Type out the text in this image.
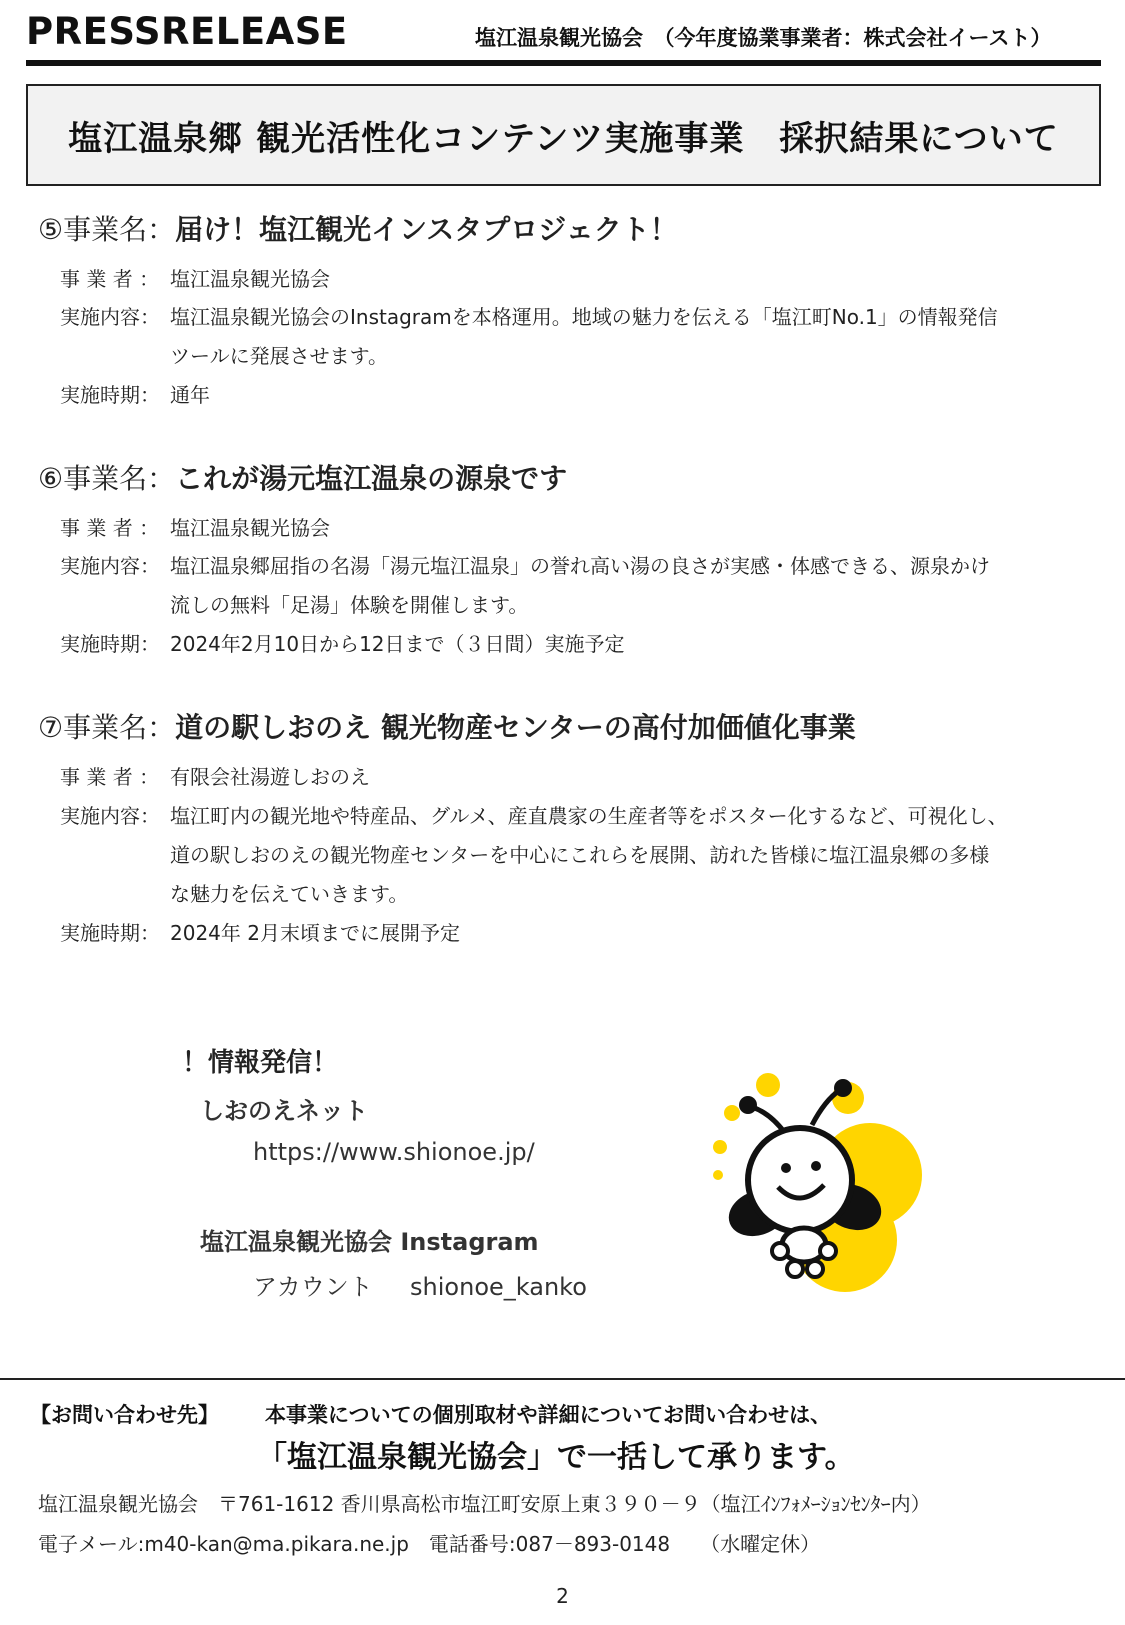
PRESSRELEASE	塩江温泉観光協会　（今年度協業事業者：株式会社イースト）
塩江温泉郷 観光活性化コンテンツ実施事業　採択結果について
⑤事業名：届け！塩江観光インスタプロジェクト！
事 業 者 ： 塩江温泉観光協会
実施内容： 塩江温泉観光協会のInstagramを本格運用。地域の魅力を伝える「塩江町No.1」の情報発信
ツールに発展させます。
実施時期： 通年
⑥事業名：これが湯元塩江温泉の源泉です
事 業 者 ： 塩江温泉観光協会
実施内容： 塩江温泉郷屈指の名湯「湯元塩江温泉」の誉れ高い湯の良さが実感・体感できる、源泉かけ
流しの無料「足湯」体験を開催します。
実施時期： 2024年2月10日から12日まで（３日間）実施予定
⑦事業名：道の駅しおのえ 観光物産センターの高付加価値化事業
事 業 者 ： 有限会社湯遊しおのえ
実施内容： 塩江町内の観光地や特産品、グルメ、産直農家の生産者等をポスター化するなど、可視化し、
道の駅しおのえの観光物産センターを中心にこれらを展開、訪れた皆様に塩江温泉郷の多様
な魅力を伝えていきます。
実施時期： 2024年 2月末頃までに展開予定
！情報発信！
しおのえネット
https://www.shionoe.jp/
塩江温泉観光協会 Instagram
アカウント shionoe_kanko
【お問い合わせ先】 本事業についての個別取材や詳細についてお問い合わせは、
「塩江温泉観光協会」で一括して承ります。
塩江温泉観光協会　〒761-1612 香川県高松市塩江町安原上東３９０－９（塩江ｲﾝﾌｫﾒｰｼｮﾝｾﾝﾀｰ内）
電子メール:m40-kan@ma.pikara.ne.jp　電話番号:087－893-0148　　（水曜定休）
2
